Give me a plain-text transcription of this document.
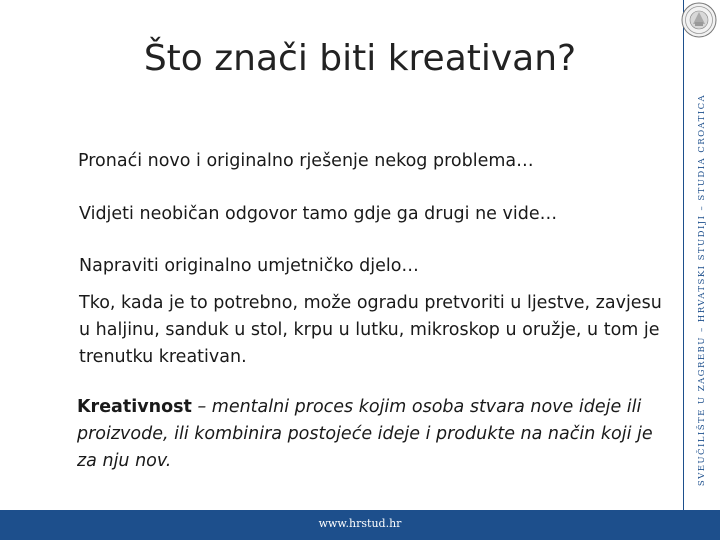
Što znači biti kreativan?

Pronaći novo i originalno rješenje nekog problema…

Vidjeti neobičan odgovor tamo gdje ga drugi ne vide…

Napraviti originalno umjetničko djelo…

Tko, kada je to potrebno, može ogradu pretvoriti u ljestve, zavjesu u haljinu, sanduk u stol, krpu u lutku, mikroskop u oružje, u tom je trenutku kreativan.

Kreativnost – mentalni proces kojim osoba stvara nove ideje ili proizvode, ili kombinira postojeće ideje i produkte na način koji je za nju nov.	SVEUČILIŠTE U ZAGREBU – HRVATSKI STUDIJI – STUDIA CROATICA
www.hrstud.hr
